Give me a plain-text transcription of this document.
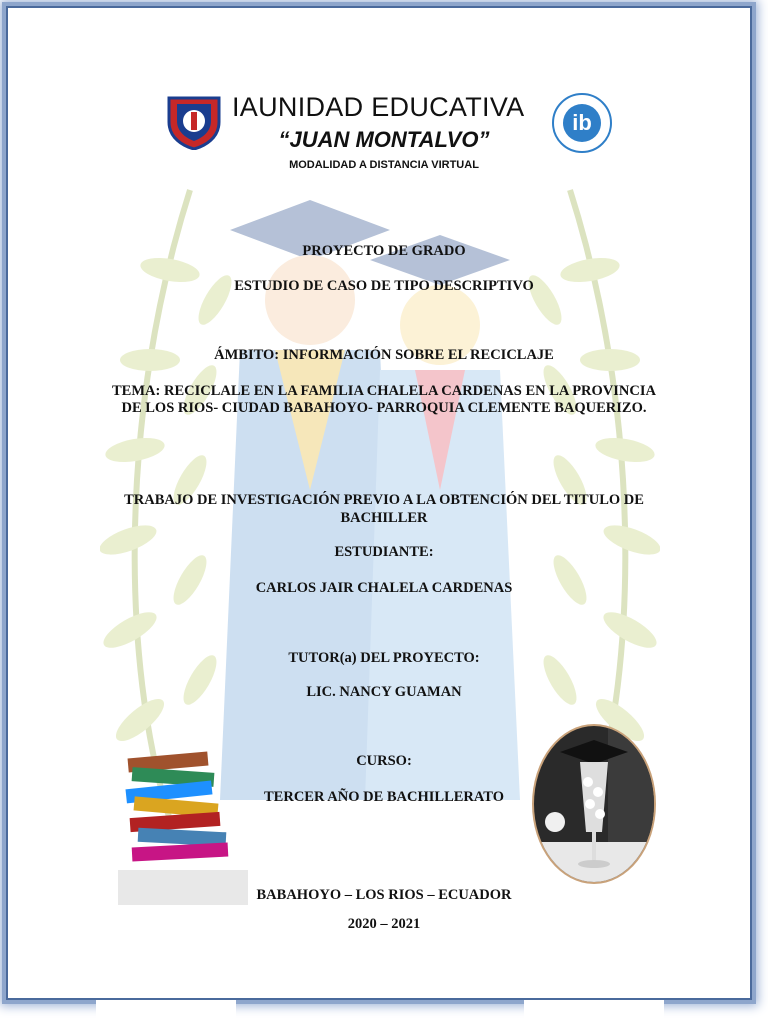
IAUNIDAD EDUCATIVA
“JUAN MONTALVO”
MODALIDAD A DISTANCIA VIRTUAL
ib
PROYECTO DE GRADO
ESTUDIO DE CASO DE TIPO DESCRIPTIVO
ÁMBITO: INFORMACIÓN SOBRE EL RECICLAJE
TEMA: RECICLALE EN LA FAMILIA CHALELA CARDENAS EN LA PROVINCIA DE LOS RIOS- CIUDAD BABAHOYO- PARROQUIA CLEMENTE BAQUERIZO.
TRABAJO DE INVESTIGACIÓN PREVIO A LA OBTENCIÓN DEL TITULO DE BACHILLER
ESTUDIANTE:
CARLOS JAIR CHALELA CARDENAS
TUTOR(a) DEL PROYECTO:
LIC. NANCY GUAMAN
CURSO:
TERCER AÑO DE BACHILLERATO
BABAHOYO – LOS RIOS – ECUADOR
2020 – 2021
